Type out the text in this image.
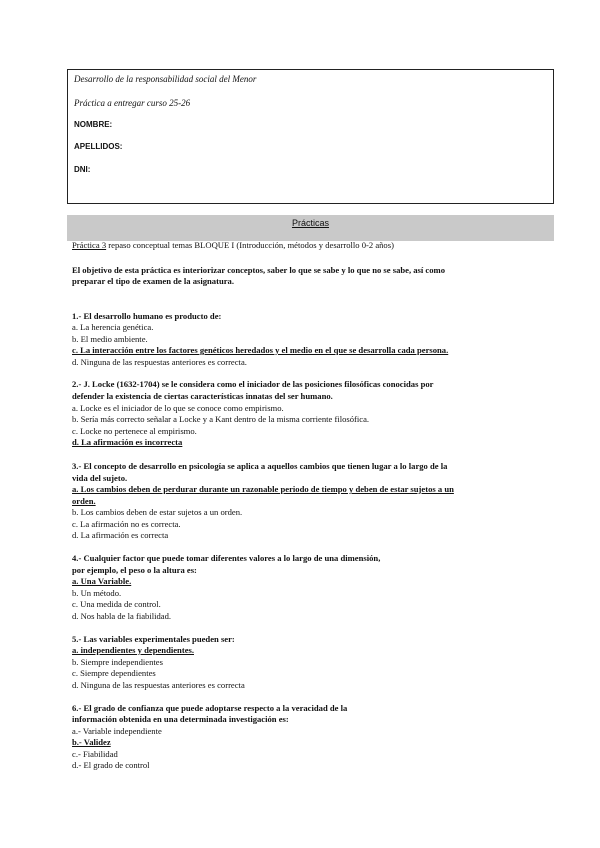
Desarrollo de la responsabilidad social del Menor
Práctica a entregar curso 25-26
NOMBRE:
APELLIDOS:
DNI:
Prácticas
Práctica 3 repaso conceptual temas BLOQUE I (Introducción, métodos y desarrollo 0-2 años)
El objetivo de esta práctica es interiorizar conceptos, saber lo que se sabe y lo que no se sabe, así como
preparar el tipo de examen de la asignatura.
1.- El desarrollo humano es producto de:
a. La herencia genética.
b. El medio ambiente.
c. La interacción entre los factores genéticos heredados y el medio en el que se desarrolla cada persona.
d. Ninguna de las respuestas anteriores es correcta.
2.- J. Locke (1632-1704) se le considera como el iniciador de las posiciones filosóficas conocidas por
defender la existencia de ciertas características innatas del ser humano.
a. Locke es el iniciador de lo que se conoce como empirismo.
b. Sería más correcto señalar a Locke y a Kant dentro de la misma corriente filosófica.
c. Locke no pertenece al empirismo.
d. La afirmación es incorrecta
3.- El concepto de desarrollo en psicología se aplica a aquellos cambios que tienen lugar a lo largo de la
vida del sujeto.
a. Los cambios deben de perdurar durante un razonable periodo de tiempo y deben de estar sujetos a un
orden.
b. Los cambios deben de estar sujetos a un orden.
c. La afirmación no es correcta.
d. La afirmación es correcta
4.- Cualquier factor que puede tomar diferentes valores a lo largo de una dimensión,
por ejemplo, el peso o la altura es:
a. Una Variable.
b. Un método.
c. Una medida de control.
d. Nos habla de la fiabilidad.
5.- Las variables experimentales pueden ser:
a. independientes y dependientes.
b. Siempre independientes
c. Siempre dependientes
d. Ninguna de las respuestas anteriores es correcta
6.- El grado de confianza que puede adoptarse respecto a la veracidad de la
información obtenida en una determinada investigación es:
a.- Variable independiente
b.- Validez
c.- Fiabilidad
d.- El grado de control
